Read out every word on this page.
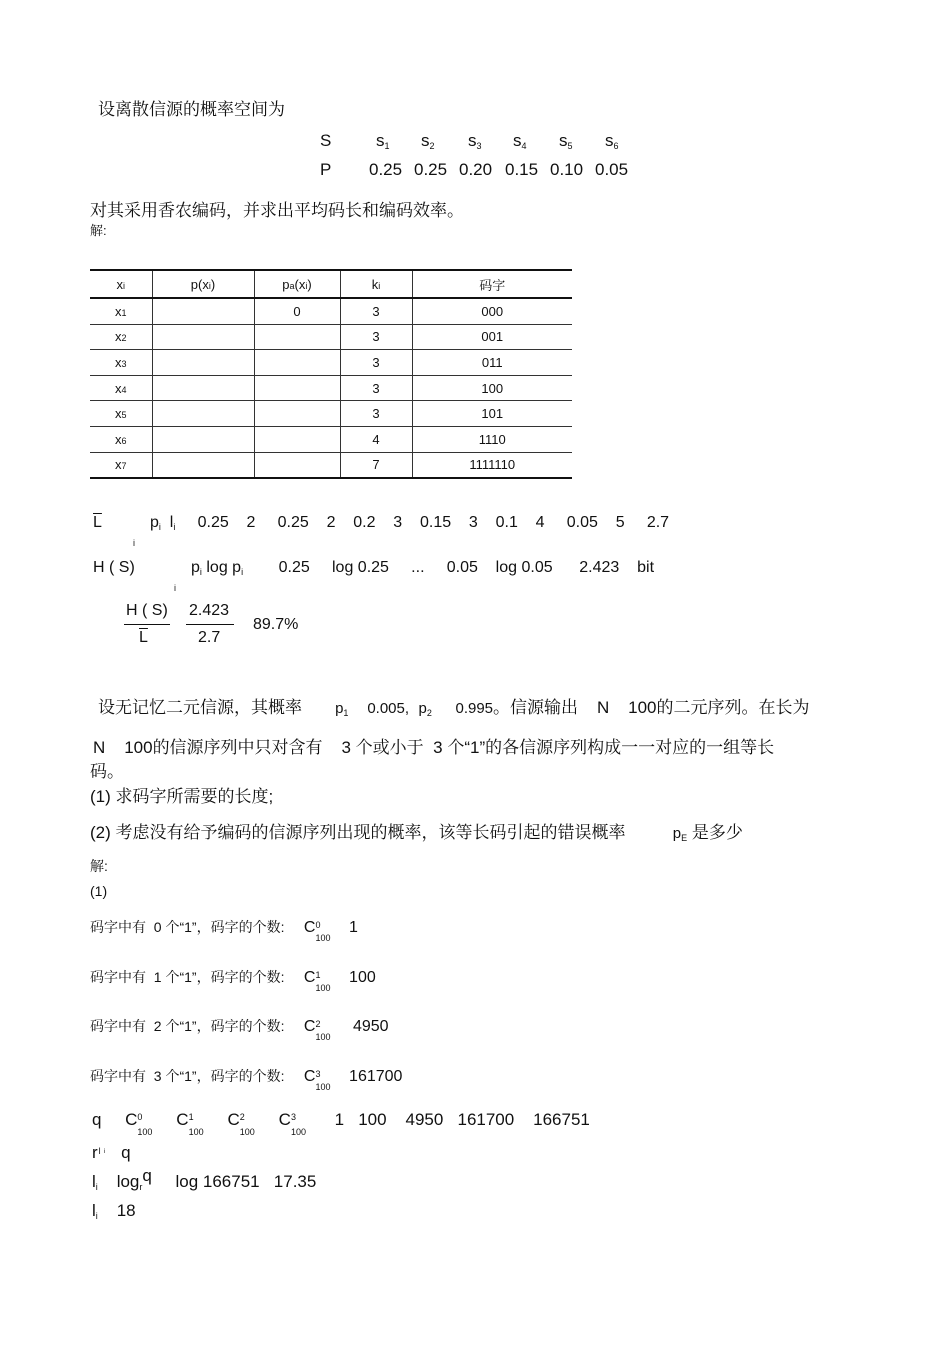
设离散信源的概率空间为
S	$s_1$ $s_2$ $s_3$ $s_4$ $s_5$ $s_6$
P 0.25 0.25 0.20 0.15 0.10 0.05
对其采用香农编码，并求出平均码长和编码效率。
解:
xi	p(xi)	pa(xi)	ki	码字
x1		0	3	000
x2			3	001
x3			3	011
x4			3	100
x5			3	101
x6			4	1110
x7			7	1111110
$\overline{L}$
i
$p_i$ $l_i$ 0.25 2 0.25 2 0.2 3 0.15 3 0.1 4 0.05 5 2.7
H ( S)
i
$p_i$ $\log p_i$ 0.25 log 0.25 ... 0.05 log 0.05 2.423 bit
H ( S)
$\overline{L}$
2.423
2.7
89.7%
设无记忆二元信源，其概率 $p_1$ 0.005, $p_2$ 0.995。信源输出 N 100的二元序列。在长为
N 100的信源序列中只对含有 3 个或小于 3 个“1”的各信源序列构成一一对应的一组等长
码。
(1) 求码字所需要的长度;
(2) 考虑没有给予编码的信源序列出现的概率，该等长码引起的错误概率	$p_E$ 是多少
解:
(1)
码字中有 0 个“1”，码字的个数: C 0
100
1
码字中有 1 个“1”，码字的个数: C 1
100
100
码字中有 2 个“1”，码字的个数: C 2
100
4950
码字中有 3 个“1”，码字的个数: C 3
100
161700
q C 0
100
C 1
100
C 2
100
C 3
100
1 100 4950 161700 166751
r l i q
$l_i$ $\log_rq$ log 166751 17.35
$l_i$ 18
